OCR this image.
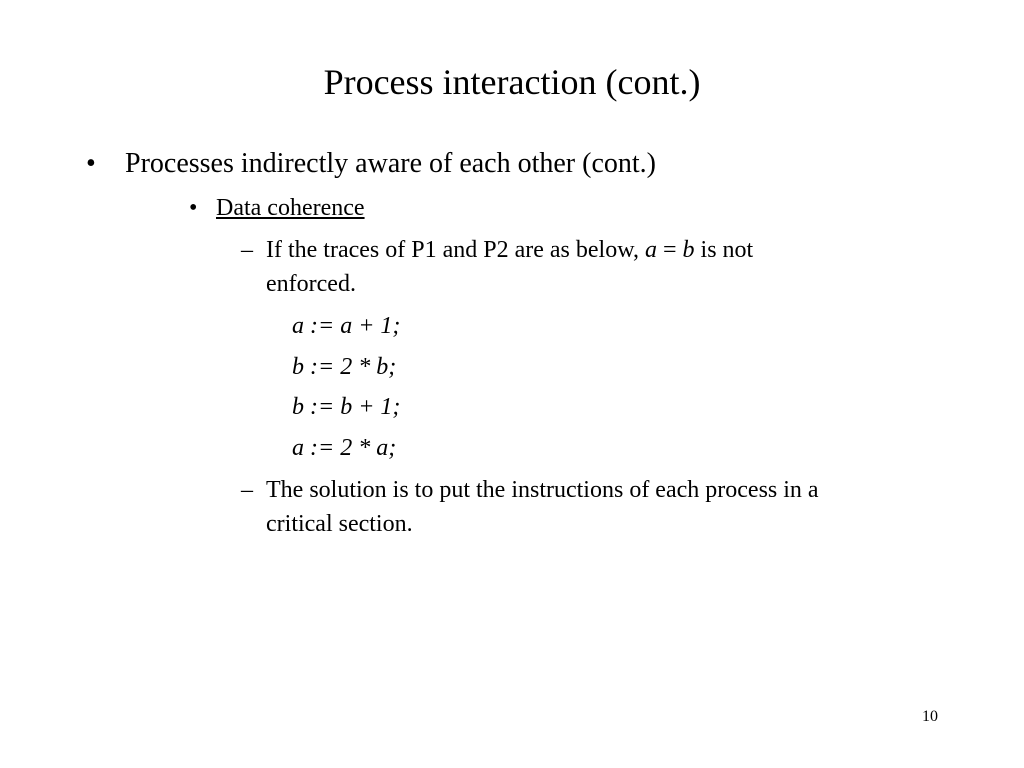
Process interaction (cont.)
• Processes indirectly aware of each other (cont.)
• Data coherence
– If the traces of P1 and P2 are as below, a = b is not
enforced.
a := a + 1;
b := 2 * b;
b := b + 1;
a := 2 * a;
– The solution is to put the instructions of each process in a
critical section.
10
